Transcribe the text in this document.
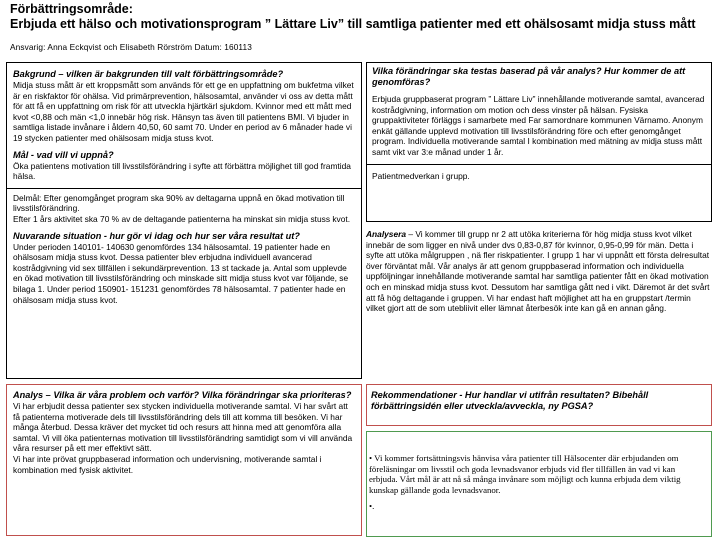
Förbättringsområde:
Erbjuda ett hälso och motivationsprogram ” Lättare Liv” till samtliga patienter med ett ohälsosamt midja stuss mått
Ansvarig: Anna Eckqvist och Elisabeth Rörström Datum: 160113

Bakgrund – vilken är bakgrunden till valt förbättringsområde?

Midja stuss mått är ett kroppsmått som används för ett ge en uppfattning om bukfetma vilket är en riskfaktor för ohälsa. Vid primärprevention, hälsosamtal, använder vi oss av detta mått för att få en uppfattning om risk för att utveckla hjärtkärl sjukdom. Kvinnor med ett mått med kvot <0,88 och män <1,0 innebär hög risk. Hänsyn tas även till patientens BMI. Vi bjuder in samtliga listade invånare i åldern 40,50, 60 samt 70. Under en period av 6 månader hade vi 19 stycken patienter med ohälsosam midja stuss kvot.

Mål - vad vill vi uppnå?

Öka patientens motivation till livsstilsförändring i syfte att förbättra möjlighet till god framtida hälsa.

Delmål: Efter genomgånget program ska 90% av deltagarna uppnå en ökad motivation till livsstilsförändring.

Efter 1 års aktivitet ska 70 % av de deltagande patienterna ha minskat sin midja stuss kvot.

Nuvarande situation - hur gör vi idag och hur ser våra resultat ut?

Under perioden 140101- 140630 genomfördes 134 hälsosamtal. 19 patienter hade en ohälsosam midja stuss kvot. Dessa patienter blev erbjudna individuell avancerad kostrådgivning vid sex tillfällen i sekundärprevention. 13 st tackade ja. Antal som upplevde en ökad motivation till livsstilsförändring och minskade sitt midja stuss kvot var följande, se bilaga 1. Under period 150901- 151231 genomfördes 78 hälsosamtal. 7 patienter hade en ohälsosam midja stuss kvot.

Analys – Vilka är våra problem och varför? Vilka förändringar ska prioriteras?

Vi har erbjudit dessa patienter sex stycken individuella motiverande samtal. Vi har svårt att få patienterna motiverade dels till livsstilsförändring dels till att komma till besöken. Vi har många återbud. Dessa kräver det mycket tid och resurs att hinna med att genomföra alla samtal. Vi vill öka patienternas motivation till livsstilsförändring samtidigt som vi vill använda våra resurser på ett mer effektivt sätt.

Vi har inte prövat gruppbaserad information och undervisning, motiverande samtal i kombination med fysisk aktivitet.

Vilka förändringar ska testas baserad på vår analys? Hur kommer de att genomföras?

Erbjuda gruppbaserat program ” Lättare Liv” innehållande motiverande samtal, avancerad kostrådgivning, information om motion och dess vinster på hälsan. Fysiska gruppaktiviteter förläggs i samarbete med Far samordnare kommunen Värnamo. Anonym enkät gällande upplevd motivation till livsstilsförändring före och efter genomgånget program. Individuella motiverande samtal I kombination med mätning av midja stuss mått samt vikt var 3:e månad under 1 år.

Patientmedverkan i grupp.

Analysera – Vi kommer till grupp nr 2 att utöka kriterierna för hög midja stuss kvot vilket innebär de som ligger en nivå under dvs 0,83-0,87 för kvinnor, 0,95-0,99 för män. Detta i syfte att utöka målgruppen , nä fler riskpatienter. I grupp 1 har vi uppnått ett första delresultat över förväntat mål. Vår analys är att genom gruppbaserad information och individuella uppföljningar innehållande motiverande samtal har samtliga patienter fått en ökad motivation och en minskad midja stuss kvot. Dessutom har samtliga gått ned i vikt. Däremot är det svårt att få hög deltagande i gruppen. Vi har endast haft möjlighet att ha en gruppstart /termin vilket gjort att de som utebliivit eller lämnat återbesök inte kan gå en annan gång.

Rekommendationer - Hur handlar vi utifrån resultaten? Bibehåll förbättringsidén eller utveckla/avveckla, ny PGSA?

• Vi kommer fortsättningsvis hänvisa våra patienter till Hälsocenter där erbjudanden om föreläsningar om livsstil och goda levnadsvanor erbjuds vid fler tillfällen än vad vi kan erbjuda. Vårt mål är att nå så många invånare som möjligt och kunna erbjuda dem viktig kunskap gällande goda levnadsvanor.

•.
